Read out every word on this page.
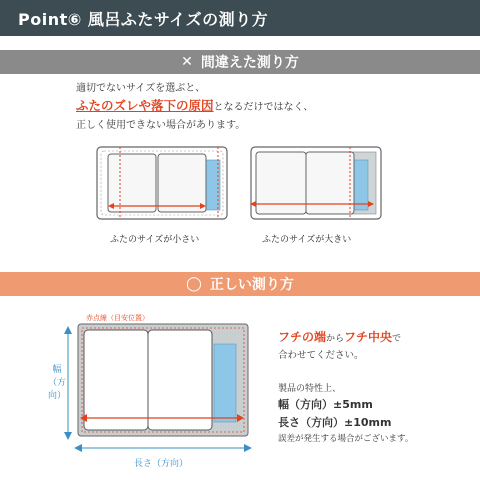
Point⑥ 風呂ふたサイズの測り方
✕ 間違えた測り方
適切でないサイズを選ぶと、
ふたのズレや落下の原因となるだけではなく、
正しく使用できない場合があります。
ふたのサイズが小さい	ふたのサイズが大きい
◯ 正しい測り方
赤点線（目安位置）
幅
（方
向）
長さ（方向）
フチの端からフチ中央で
合わせてください。
製品の特性上、
幅（方向）±5mm
長さ（方向）±10mm
誤差が発生する場合がございます。
